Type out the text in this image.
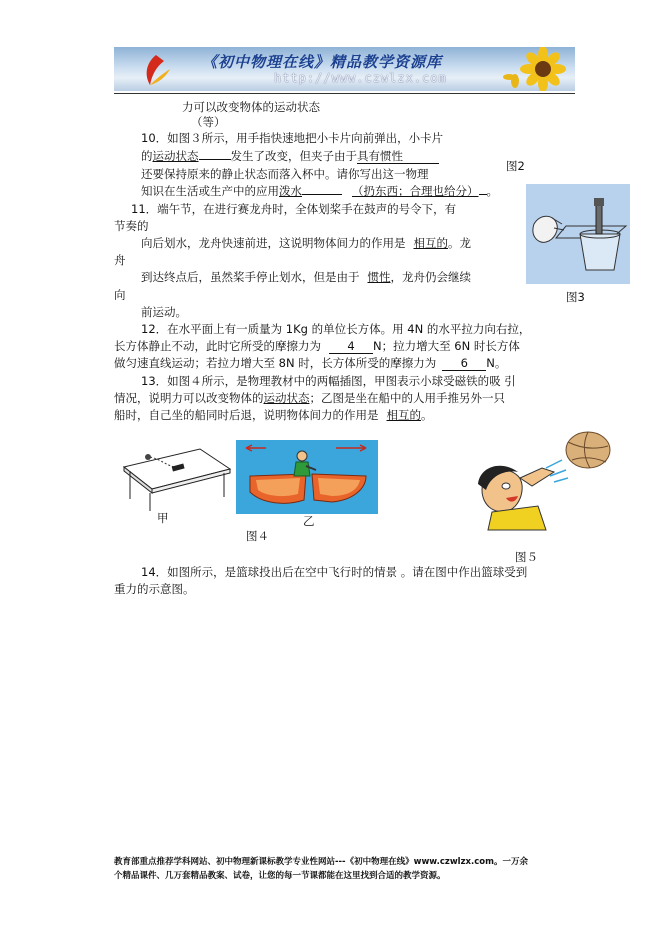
《初中物理在线》精品教学资源库
http://www.czwlzx.com
力可以改变物体的运动状态
（等）
10．如图３所示，用手指快速地把小卡片向前弹出，小卡片
的运动状态	发生了改变，但夹子由于具有惯性
图2
还要保持原来的静止状态而落入杯中。请你写出这一物理
知识在生活或生产中的应用泼水	（扔东西；合理也给分） 。
11．端午节，在进行赛龙舟时，全体划桨手在鼓声的号令下，有
节奏的
向后划水，龙舟快速前进，这说明物体间力的作用是 相互的。龙
舟
到达终点后，虽然桨手停止划水，但是由于 惯性，龙舟仍会继续
向	图3
前运动。
12．在水平面上有一质量为 1Kg 的单位长方体。用 4N 的水平拉力向右拉，
长方体静止不动，此时它所受的摩擦力为 4 N；拉力增大至 6N 时长方体
做匀速直线运动；若拉力增大至 8N 时，长方体所受的摩擦力为 6 N。
13．如图４所示，是物理教材中的两幅插图，甲图表示小球受磁铁的吸 引
情况，说明力可以改变物体的运动状态；乙图是坐在船中的人用手推另外一只
船时，自己坐的船同时后退，说明物体间力的作用是 相互的。
甲	乙
图４
图５
14．如图所示，是篮球投出后在空中飞行时的情景 。请在图中作出篮球受到
重力的示意图。
教育部重点推荐学科网站、初中物理新课标教学专业性网站---《初中物理在线》www.czwlzx.com。一万余
个精品课件、几万套精品教案、试卷，让您的每一节课都能在这里找到合适的教学资源。
